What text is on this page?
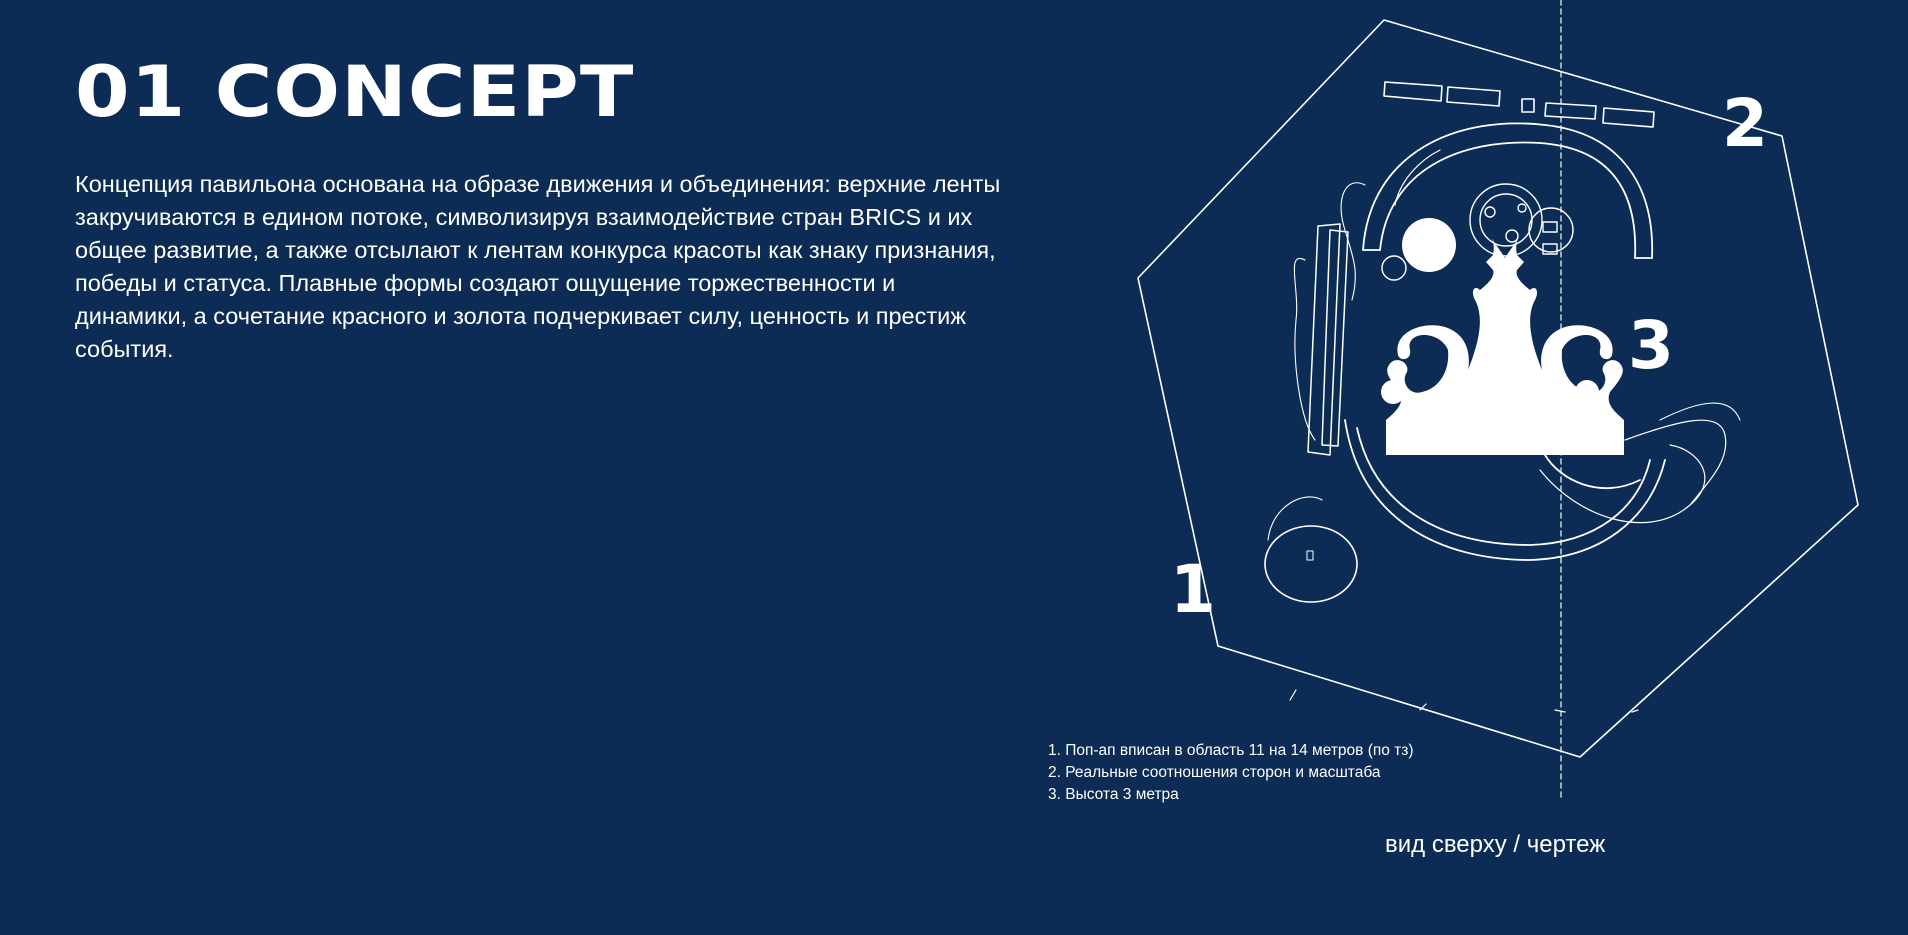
01 CONCEPT

Концепция павильона основана на образе движения и объединения: верхние ленты закручиваются в едином потоке, символизируя взаимодействие стран BRICS и их общее развитие, а также отсылают к лентам конкурса красоты как знаку признания, победы и статуса. Плавные формы создают ощущение торжественности и динамики, а сочетание красного и золота подчеркивает силу, ценность и престиж события.

1
2
3
1. Поп-ап вписан в область 11 на 14 метров (по тз)
2. Реальные соотношения сторон и масштаба
3. Высота 3 метра
вид сверху / чертеж
